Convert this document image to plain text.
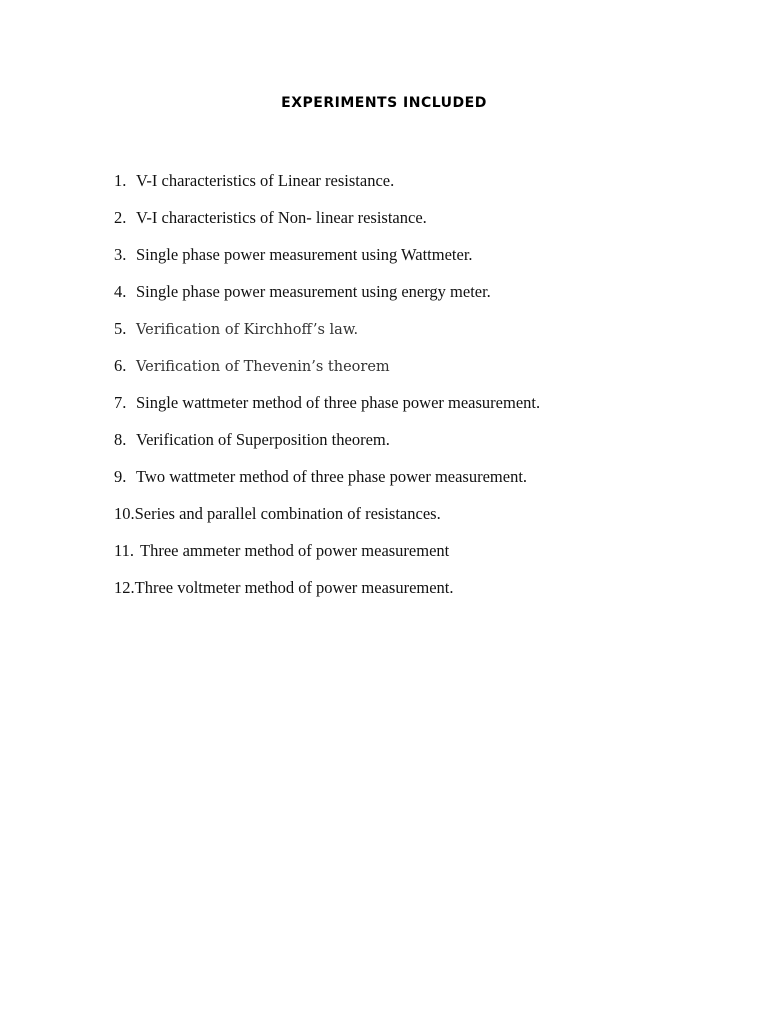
EXPERIMENTS INCLUDED
1. V-I characteristics of Linear resistance.
2. V-I characteristics of Non- linear resistance.
3. Single phase power measurement using Wattmeter.
4. Single phase power measurement using energy meter.
5. Verification of Kirchhoff’s law.
6. Verification of Thevenin’s theorem
7. Single wattmeter method of three phase power measurement.
8. Verification of Superposition theorem.
9. Two wattmeter method of three phase power measurement.
10.Series and parallel combination of resistances.
11. Three ammeter method of power measurement
12.Three voltmeter method of power measurement.
